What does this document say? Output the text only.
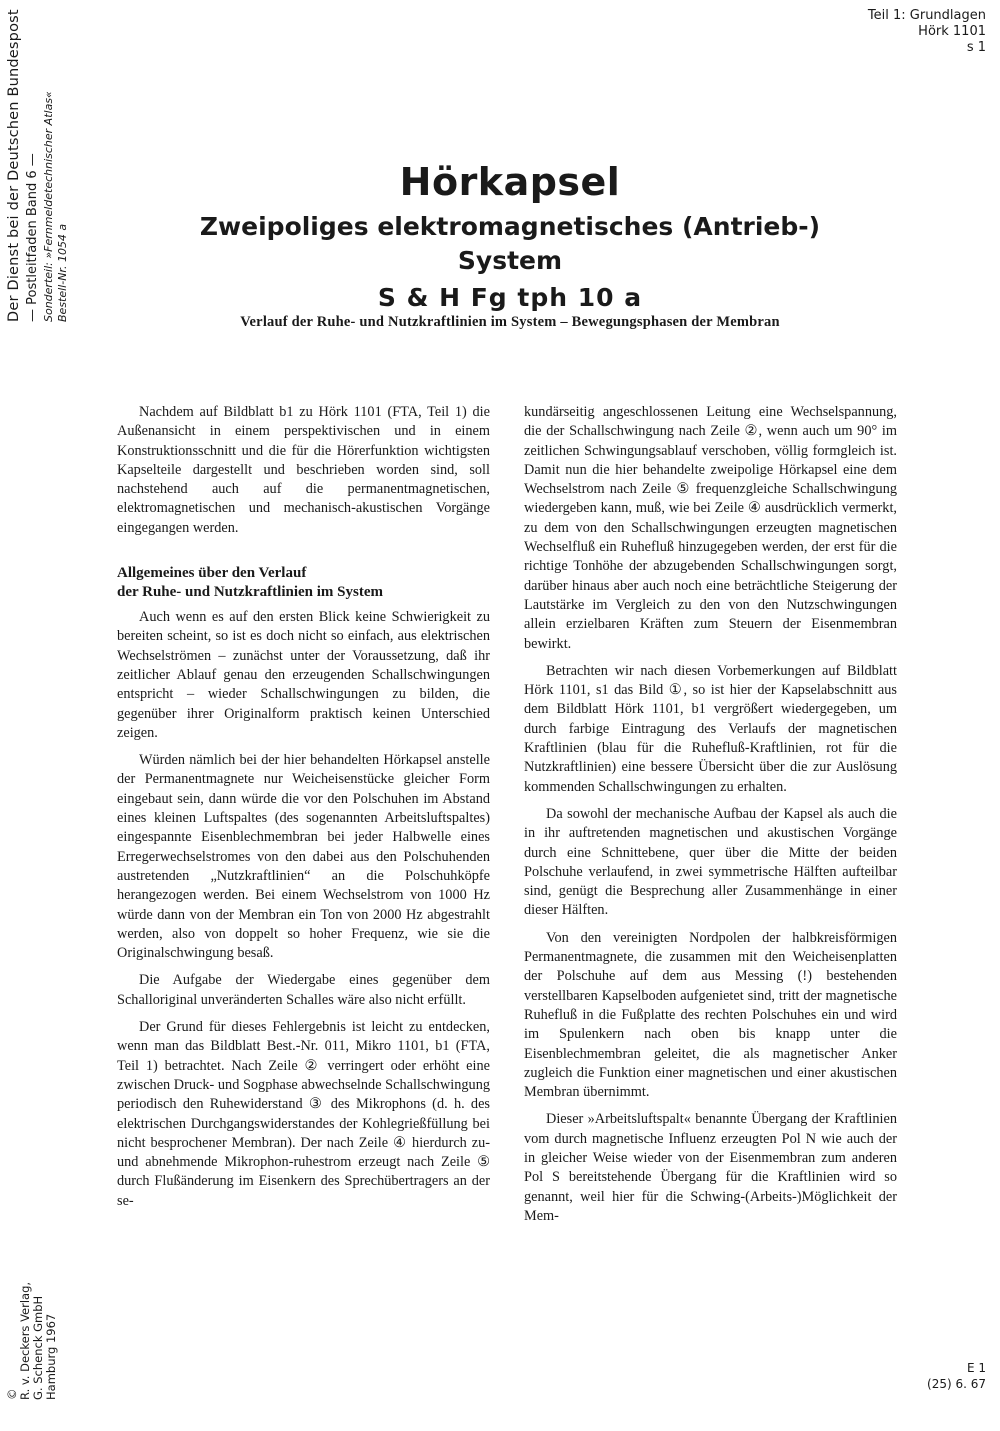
Teil 1: Grundlagen
Hörk 1101
s 1
Der Dienst bei der Deutschen Bundespost — Postleitfaden Band 6 — Sonderteil: »Fernmeldetechnischer Atlas« Bestell-Nr. 1054 a
© R. v. Deckers Verlag, G. Schenck GmbH Hamburg 1967	E 1
(25) 6. 67
Hörkapsel
Zweipoliges elektromagnetisches (Antrieb-) System
S & H Fg tph 10 a
Verlauf der Ruhe- und Nutzkraftlinien im System – Bewegungsphasen der Membran

Nachdem auf Bildblatt b1 zu Hörk 1101 (FTA, Teil 1) die Außenansicht in einem perspektivischen und in einem Konstruktionsschnitt und die für die Hörerfunktion wichtigsten Kapselteile dargestellt und beschrieben worden sind, soll nachstehend auch auf die permanentmagnetischen, elektromagnetischen und mechanisch-akustischen Vorgänge eingegangen werden.

Allgemeines über den Verlauf
der Ruhe- und Nutzkraftlinien im System

Auch wenn es auf den ersten Blick keine Schwierigkeit zu bereiten scheint, so ist es doch nicht so einfach, aus elektrischen Wechselströmen – zunächst unter der Voraussetzung, daß ihr zeitlicher Ablauf genau den erzeugenden Schallschwingungen entspricht – wieder Schallschwingungen zu bilden, die gegenüber ihrer Originalform praktisch keinen Unterschied zeigen.

Würden nämlich bei der hier behandelten Hörkapsel anstelle der Permanentmagnete nur Weicheisenstücke gleicher Form eingebaut sein, dann würde die vor den Polschuhen im Abstand eines kleinen Luftspaltes (des sogenannten Arbeitsluftspaltes) eingespannte Eisenblechmembran bei jeder Halbwelle eines Erregerwechselstromes von den dabei aus den Polschuhenden austretenden „Nutzkraftlinien“ an die Polschuhköpfe herangezogen werden. Bei einem Wechselstrom von 1000 Hz würde dann von der Membran ein Ton von 2000 Hz abgestrahlt werden, also von doppelt so hoher Frequenz, wie sie die Originalschwingung besaß.

Die Aufgabe der Wiedergabe eines gegenüber dem Schalloriginal unveränderten Schalles wäre also nicht erfüllt.

Der Grund für dieses Fehlergebnis ist leicht zu entdecken, wenn man das Bildblatt Best.-Nr. 011, Mikro 1101, b1 (FTA, Teil 1) betrachtet. Nach Zeile ② verringert oder erhöht eine zwischen Druck- und Sogphase abwechselnde Schallschwingung periodisch den Ruhewiderstand ③ des Mikrophons (d. h. des elektrischen Durchgangswiderstandes der Kohlegrießfüllung bei nicht besprochener Membran). Der nach Zeile ④ hierdurch zu- und abnehmende Mikrophon-ruhestrom erzeugt nach Zeile ⑤ durch Flußänderung im Eisenkern des Sprechübertragers an der se-

kundärseitig angeschlossenen Leitung eine Wechselspannung, die der Schallschwingung nach Zeile ②, wenn auch um 90° im zeitlichen Schwingungsablauf verschoben, völlig formgleich ist. Damit nun die hier behandelte zweipolige Hörkapsel eine dem Wechselstrom nach Zeile ⑤ frequenzgleiche Schallschwingung wiedergeben kann, muß, wie bei Zeile ④ ausdrücklich vermerkt, zu dem von den Schallschwingungen erzeugten magnetischen Wechselfluß ein Ruhefluß hinzugegeben werden, der erst für die richtige Tonhöhe der abzugebenden Schallschwingungen sorgt, darüber hinaus aber auch noch eine beträchtliche Steigerung der Lautstärke im Vergleich zu den von den Nutzschwingungen allein erzielbaren Kräften zum Steuern der Eisenmembran bewirkt.

Betrachten wir nach diesen Vorbemerkungen auf Bildblatt Hörk 1101, s1 das Bild ①, so ist hier der Kapselabschnitt aus dem Bildblatt Hörk 1101, b1 vergrößert wiedergegeben, um durch farbige Eintragung des Verlaufs der magnetischen Kraftlinien (blau für die Ruhefluß-Kraftlinien, rot für die Nutzkraftlinien) eine bessere Übersicht über die zur Auslösung kommenden Schallschwingungen zu erhalten.

Da sowohl der mechanische Aufbau der Kapsel als auch die in ihr auftretenden magnetischen und akustischen Vorgänge durch eine Schnittebene, quer über die Mitte der beiden Polschuhe verlaufend, in zwei symmetrische Hälften aufteilbar sind, genügt die Besprechung aller Zusammenhänge in einer dieser Hälften.

Von den vereinigten Nordpolen der halbkreisförmigen Permanentmagnete, die zusammen mit den Weicheisenplatten der Polschuhe auf dem aus Messing (!) bestehenden verstellbaren Kapselboden aufgenietet sind, tritt der magnetische Ruhefluß in die Fußplatte des rechten Polschuhes ein und wird im Spulenkern nach oben bis knapp unter die Eisenblechmembran geleitet, die als magnetischer Anker zugleich die Funktion einer magnetischen und einer akustischen Membran übernimmt.

Dieser »Arbeitsluftspalt« benannte Übergang der Kraftlinien vom durch magnetische Influenz erzeugten Pol N wie auch der in gleicher Weise wieder von der Eisenmembran zum anderen Pol S bereitstehende Übergang für die Kraftlinien wird so genannt, weil hier für die Schwing-(Arbeits-)Möglichkeit der Mem-
